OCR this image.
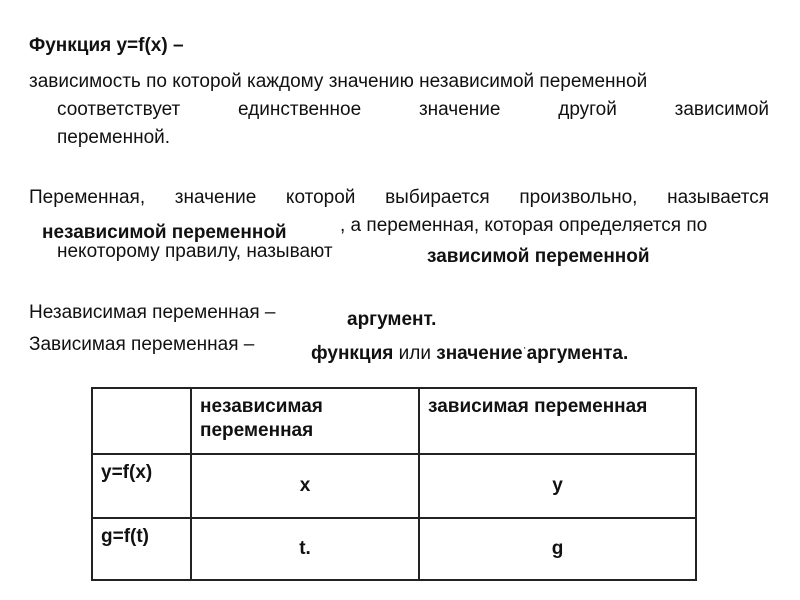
Функция y=f(x) –
зависимость по которой каждому значению независимой переменной
соответствует единственное значение другой зависимой
переменной.
Переменная, значение которой выбирается произвольно, называется
независимой переменной	, а переменная, которая определяется по
некоторому правилу, называют	зависимой переменной
Независимая переменная –	аргумент.
Зависимая переменная –	функция или значение·аргумента.
	независимая переменная	зависимая переменная
y=f(x)	x	y
g=f(t)	t.	g
